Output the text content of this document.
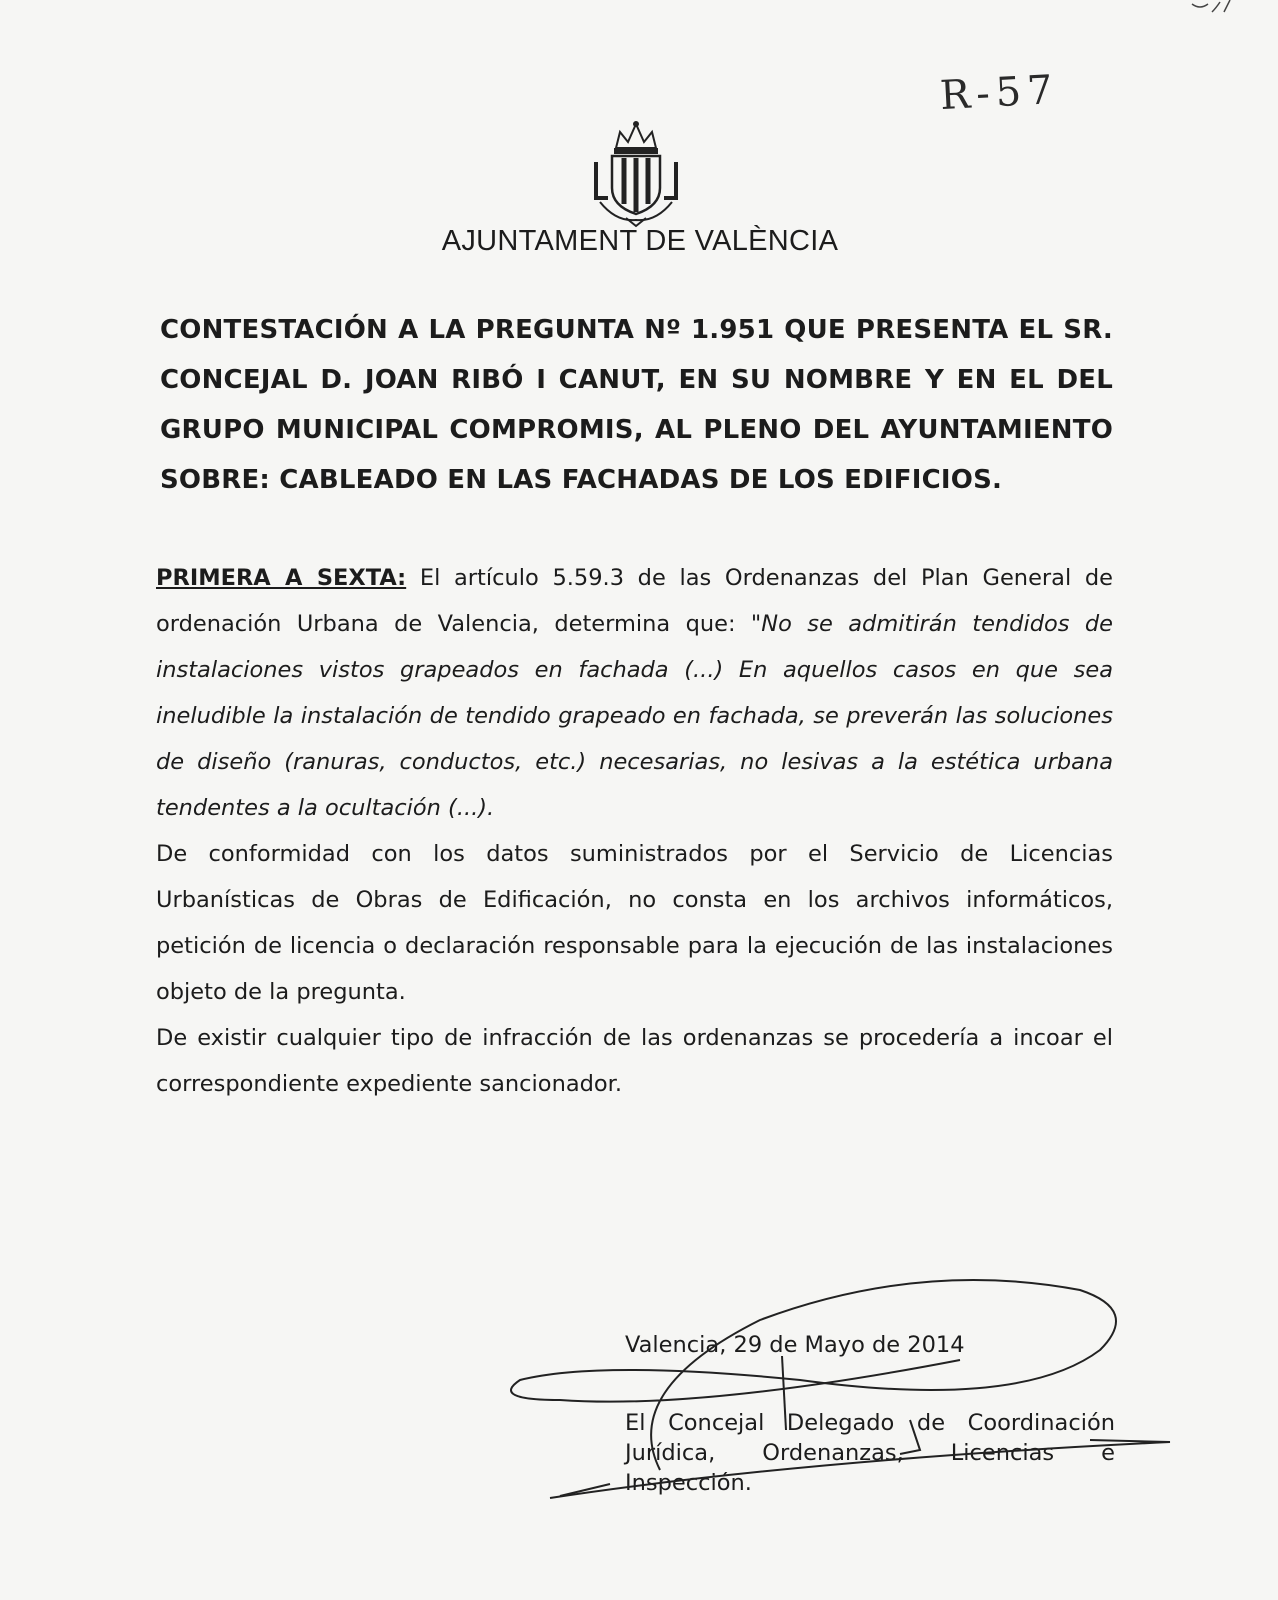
R-57
AJUNTAMENT DE VALÈNCIA
CONTESTACIÓN A LA PREGUNTA Nº 1.951 QUE PRESENTA EL SR. CONCEJAL D. JOAN RIBÓ I CANUT, EN SU NOMBRE Y EN EL DEL GRUPO MUNICIPAL COMPROMIS, AL PLENO DEL AYUNTAMIENTO SOBRE: CABLEADO EN LAS FACHADAS DE LOS EDIFICIOS.

PRIMERA A SEXTA: El artículo 5.59.3 de las Ordenanzas del Plan General de ordenación Urbana de Valencia, determina que: "No se admitirán tendidos de instalaciones vistos grapeados en fachada (...) En aquellos casos en que sea ineludible la instalación de tendido grapeado en fachada, se preverán las soluciones de diseño (ranuras, conductos, etc.) necesarias, no lesivas a la estética urbana tendentes a la ocultación (...).

De conformidad con los datos suministrados por el Servicio de Licencias Urbanísticas de Obras de Edificación, no consta en los archivos informáticos, petición de licencia o declaración responsable para la ejecución de las instalaciones objeto de la pregunta.

De existir cualquier tipo de infracción de las ordenanzas se procedería a incoar el correspondiente expediente sancionador.

Valencia, 29 de Mayo de 2014
El Concejal Delegado de Coordinación Jurídica, Ordenanzas, Licencias e Inspección.
